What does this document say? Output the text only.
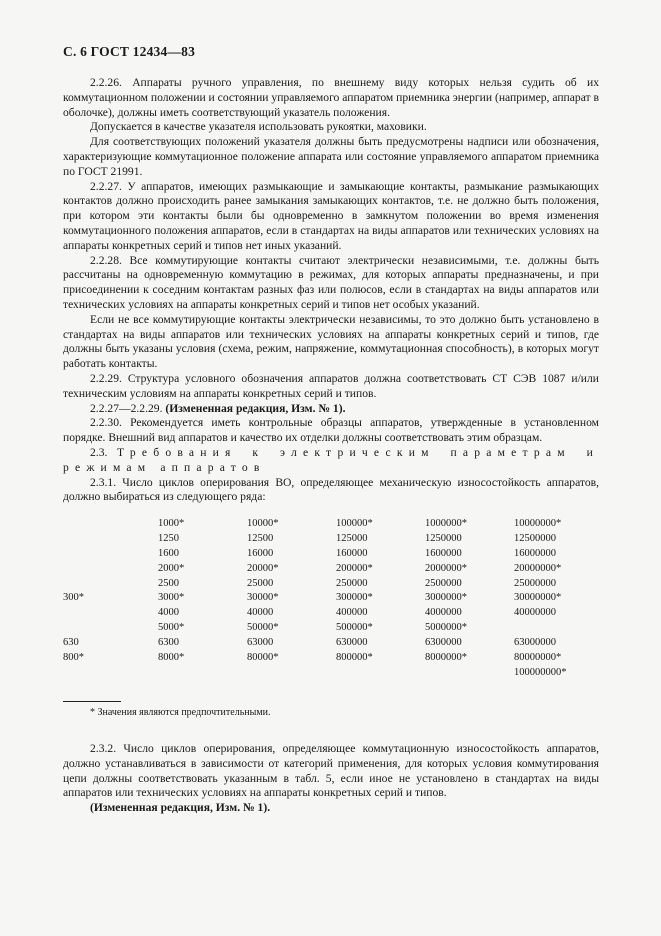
С. 6 ГОСТ 12434—83

2.2.26. Аппараты ручного управления, по внешнему виду которых нельзя судить об их коммутационном положении и состоянии управляемого аппаратом приемника энергии (например, аппарат в оболочке), должны иметь соответствующий указатель положения.

Допускается в качестве указателя использовать рукоятки, маховики.

Для соответствующих положений указателя должны быть предусмотрены надписи или обозначения, характеризующие коммутационное положение аппарата или состояние управляемого аппаратом приемника по ГОСТ 21991.

2.2.27. У аппаратов, имеющих размыкающие и замыкающие контакты, размыкание размыкающих контактов должно происходить ранее замыкания замыкающих контактов, т.е. не должно быть положения, при котором эти контакты были бы одновременно в замкнутом положении во время изменения коммутационного положения аппаратов, если в стандартах на виды аппаратов или технических условиях на аппараты конкретных серий и типов нет иных указаний.

2.2.28. Все коммутирующие контакты считают электрически независимыми, т.е. должны быть рассчитаны на одновременную коммутацию в режимах, для которых аппараты предназначены, и при присоединении к соседним контактам разных фаз или полюсов, если в стандартах на виды аппаратов или технических условиях на аппараты конкретных серий и типов нет особых указаний.

Если не все коммутирующие контакты электрически независимы, то это должно быть установлено в стандартах на виды аппаратов или технических условиях на аппараты конкретных серий и типов, где должны быть указаны условия (схема, режим, напряжение, коммутационная способность), в которых могут работать контакты.

2.2.29. Структура условного обозначения аппаратов должна соответствовать СТ СЭВ 1087 и/или техническим условиям на аппараты конкретных серий и типов.

2.2.27—2.2.29. (Измененная редакция, Изм. № 1).

2.2.30. Рекомендуется иметь контрольные образцы аппаратов, утвержденные в установленном порядке. Внешний вид аппаратов и качество их отделки должны соответствовать этим образцам.

2.3. Требования к электрическим параметрам и режимам аппаратов

2.3.1. Число циклов оперирования ВО, определяющее механическую износостойкость аппаратов, должно выбираться из следующего ряда:

	1000*	10000*	100000*	1000000*	10000000*
	1250	12500	125000	1250000	12500000
	1600	16000	160000	1600000	16000000
	2000*	20000*	200000*	2000000*	20000000*
	2500	25000	250000	2500000	25000000
300*	3000*	30000*	300000*	3000000*	30000000*
	4000	40000	400000	4000000	40000000
	5000*	50000*	500000*	5000000*	
630	6300	63000	630000	6300000	63000000
800*	8000*	80000*	800000*	8000000*	80000000*
					100000000*
* Значения являются предпочтительными.

2.3.2. Число циклов оперирования, определяющее коммутационную износостойкость аппаратов, должно устанавливаться в зависимости от категорий применения, для которых условия коммутирования цепи должны соответствовать указанным в табл. 5, если иное не установлено в стандартах на виды аппаратов или технических условиях на аппараты конкретных серий и типов.

(Измененная редакция, Изм. № 1).
